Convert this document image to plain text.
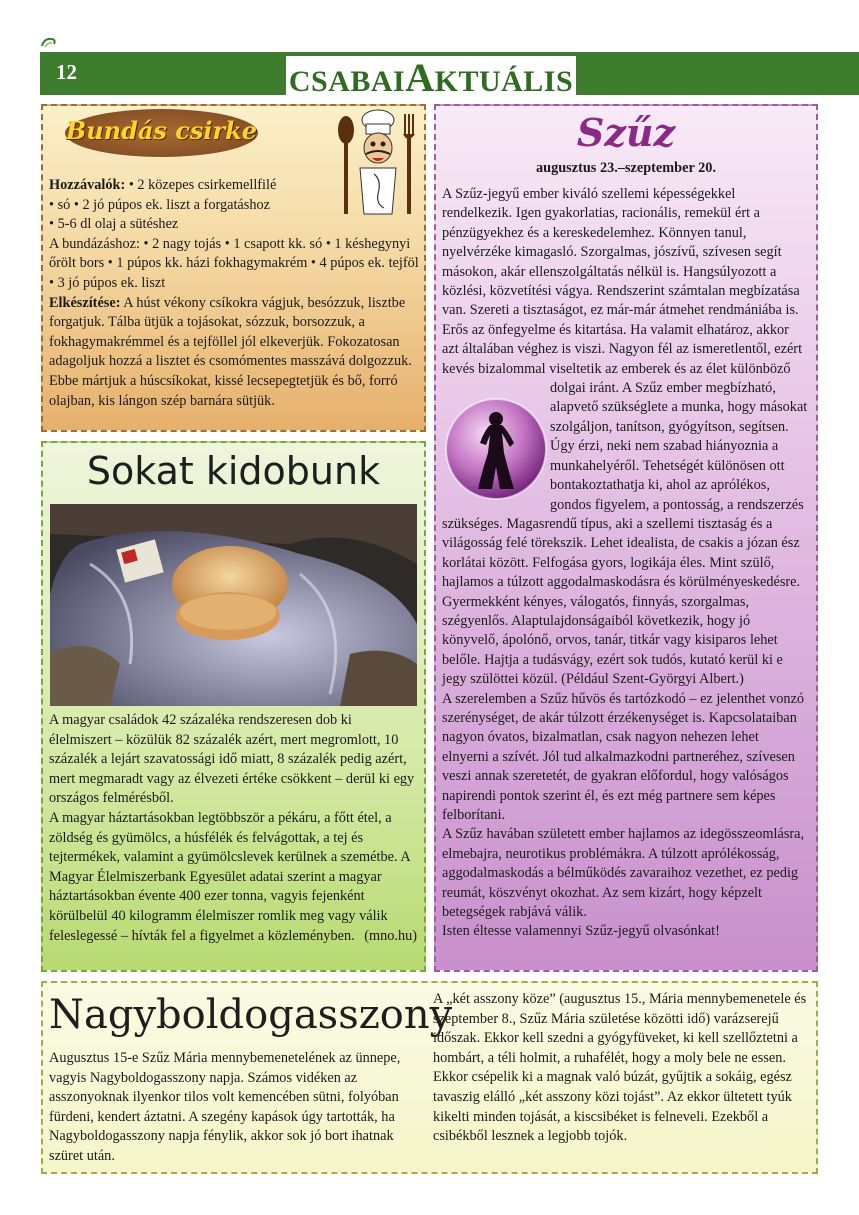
12	CSABAIAKTUÁLIS
Bundás csirke

Hozzávalók: • 2 közepes csirkemellfilé

• só • 2 jó púpos ek. liszt a forgatáshoz

• 5-6 dl olaj a sütéshez

A bundázáshoz: • 2 nagy tojás • 1 csapott kk. só • 1 késhegynyi őrölt bors • 1 púpos kk. házi fokhagymakrém • 4 púpos ek. tejföl • 3 jó púpos ek. liszt

Elkészítése: A húst vékony csíkokra vágjuk, besózzuk, lisztbe forgatjuk. Tálba ütjük a tojásokat, sózzuk, borsozzuk, a fokhagymakrémmel és a tejföllel jól elkeverjük. Fokozatosan adagoljuk hozzá a lisztet és csomómentes masszává dolgozzuk. Ebbe mártjuk a húscsíkokat, kissé lecsepegtetjük és bő, forró olajban, kis lángon szép barnára sütjük.

Sokat kidobunk

A magyar családok 42 százaléka rendszeresen dob ki élelmiszert – közülük 82 százalék azért, mert megromlott, 10 százalék a lejárt szavatossági idő miatt, 8 százalék pedig azért, mert megmaradt vagy az élvezeti értéke csökkent – derül ki egy országos felmérésből.

A magyar háztartásokban legtöbbször a pékáru, a főtt étel, a zöldség és gyümölcs, a húsfélék és felvágottak, a tej és tejtermékek, valamint a gyümölcslevek kerülnek a szemétbe. A Magyar Élelmiszerbank Egyesület adatai szerint a magyar háztartásokban évente 400 ezer tonna, vagyis fejenként körülbelül 40 kilogramm élelmiszer romlik meg vagy válik feleslegessé – hívták fel a figyelmet a közleményben. (mno.hu)

Szűz
augusztus 23.–szeptember 20.

A Szűz-jegyű ember kiváló szellemi képességekkel rendelkezik. Igen gyakorlatias, racionális, remekül ért a pénzügyekhez és a kereskedelemhez. Könnyen tanul, nyelvérzéke kimagasló. Szorgalmas, jószívű, szívesen segít másokon, akár ellenszolgáltatás nélkül is. Hangsúlyozott a közlési, közvetítési vágya. Rendszerint számtalan megbízatása van. Szereti a tisztaságot, ez már-már átmehet rendmániába is. Erős az önfegyelme és kitartása. Ha valamit elhatároz, akkor azt általában véghez is viszi. Nagyon fél az ismeretlentől, ezért kevés bizalommal viseltetik az emberek és az élet különböző dolgai iránt. A Szűz ember megbízható,
alapvető szükséglete a munka, hogy másokat szolgáljon, tanítson, gyógyítson, segítsen. Úgy érzi, neki nem szabad hiányoznia a munkahelyéről. Tehetségét különösen ott bontakoztathatja ki, ahol az aprólékos, gondos figyelem, a pontosság, a rendszerzés szükséges. Magasrendű típus, aki a szellemi tisztaság és a világosság felé törekszik. Lehet idealista, de csakis a józan ész korlátai között. Felfogása gyors, logikája éles. Mint szülő, hajlamos a túlzott aggodalmaskodásra és körülményeskedésre. Gyermekként kényes, válogatós, finnyás, szorgalmas, szégyenlős. Alaptulajdonságaiból következik, hogy jó könyvelő, ápolónő, orvos, tanár, titkár vagy kisiparos lehet belőle. Hajtja a tudásvágy, ezért sok tudós, kutató kerül ki e jegy szülöttei közül. (Például Szent-Györgyi Albert.)

A szerelemben a Szűz hűvös és tartózkodó – ez jelenthet vonzó szerénységet, de akár túlzott érzékenységet is. Kapcsolataiban nagyon óvatos, bizalmatlan, csak nagyon nehezen lehet elnyerni a szívét. Jól tud alkalmazkodni partneréhez, szívesen veszi annak szeretetét, de gyakran előfordul, hogy valóságos napirendi pontok szerint él, és ezt még partnere sem képes felborítani.

A Szűz havában született ember hajlamos az idegösszeomlásra, elmebajra, neurotikus problémákra. A túlzott aprólékosság, aggodalmaskodás a bélműködés zavaraihoz vezethet, ez pedig reumát, köszvényt okozhat. Az sem kizárt, hogy képzelt betegségek rabjává válik.

Isten éltesse valamennyi Szűz-jegyű olvasónkat!

Nagyboldogasszony

Augusztus 15-e Szűz Mária mennybemenetelének az ünnepe, vagyis Nagyboldogasszony napja. Számos vidéken az asszonyoknak ilyenkor tilos volt kemencében sütni, folyóban fürdeni, kendert áztatni. A szegény kapások úgy tartották, ha Nagyboldogasszony napja fénylik, akkor sok jó bort ihatnak szüret után.

A „két asszony köze” (augusztus 15., Mária mennybemenetele és szeptember 8., Szűz Mária születése közötti idő) varázserejű időszak. Ekkor kell szedni a gyógyfüveket, ki kell szellőztetni a hombárt, a téli holmit, a ruhafélét, hogy a moly bele ne essen. Ekkor csépelik ki a magnak való búzát, gyűjtik a sokáig, egész tavaszig eláll​ó „két asszony közi tojást”. Az ekkor ültetett tyúk kikelti minden tojását, a kiscsibéket is felneveli. Ezekből a csibékből lesznek a legjobb tojók.
